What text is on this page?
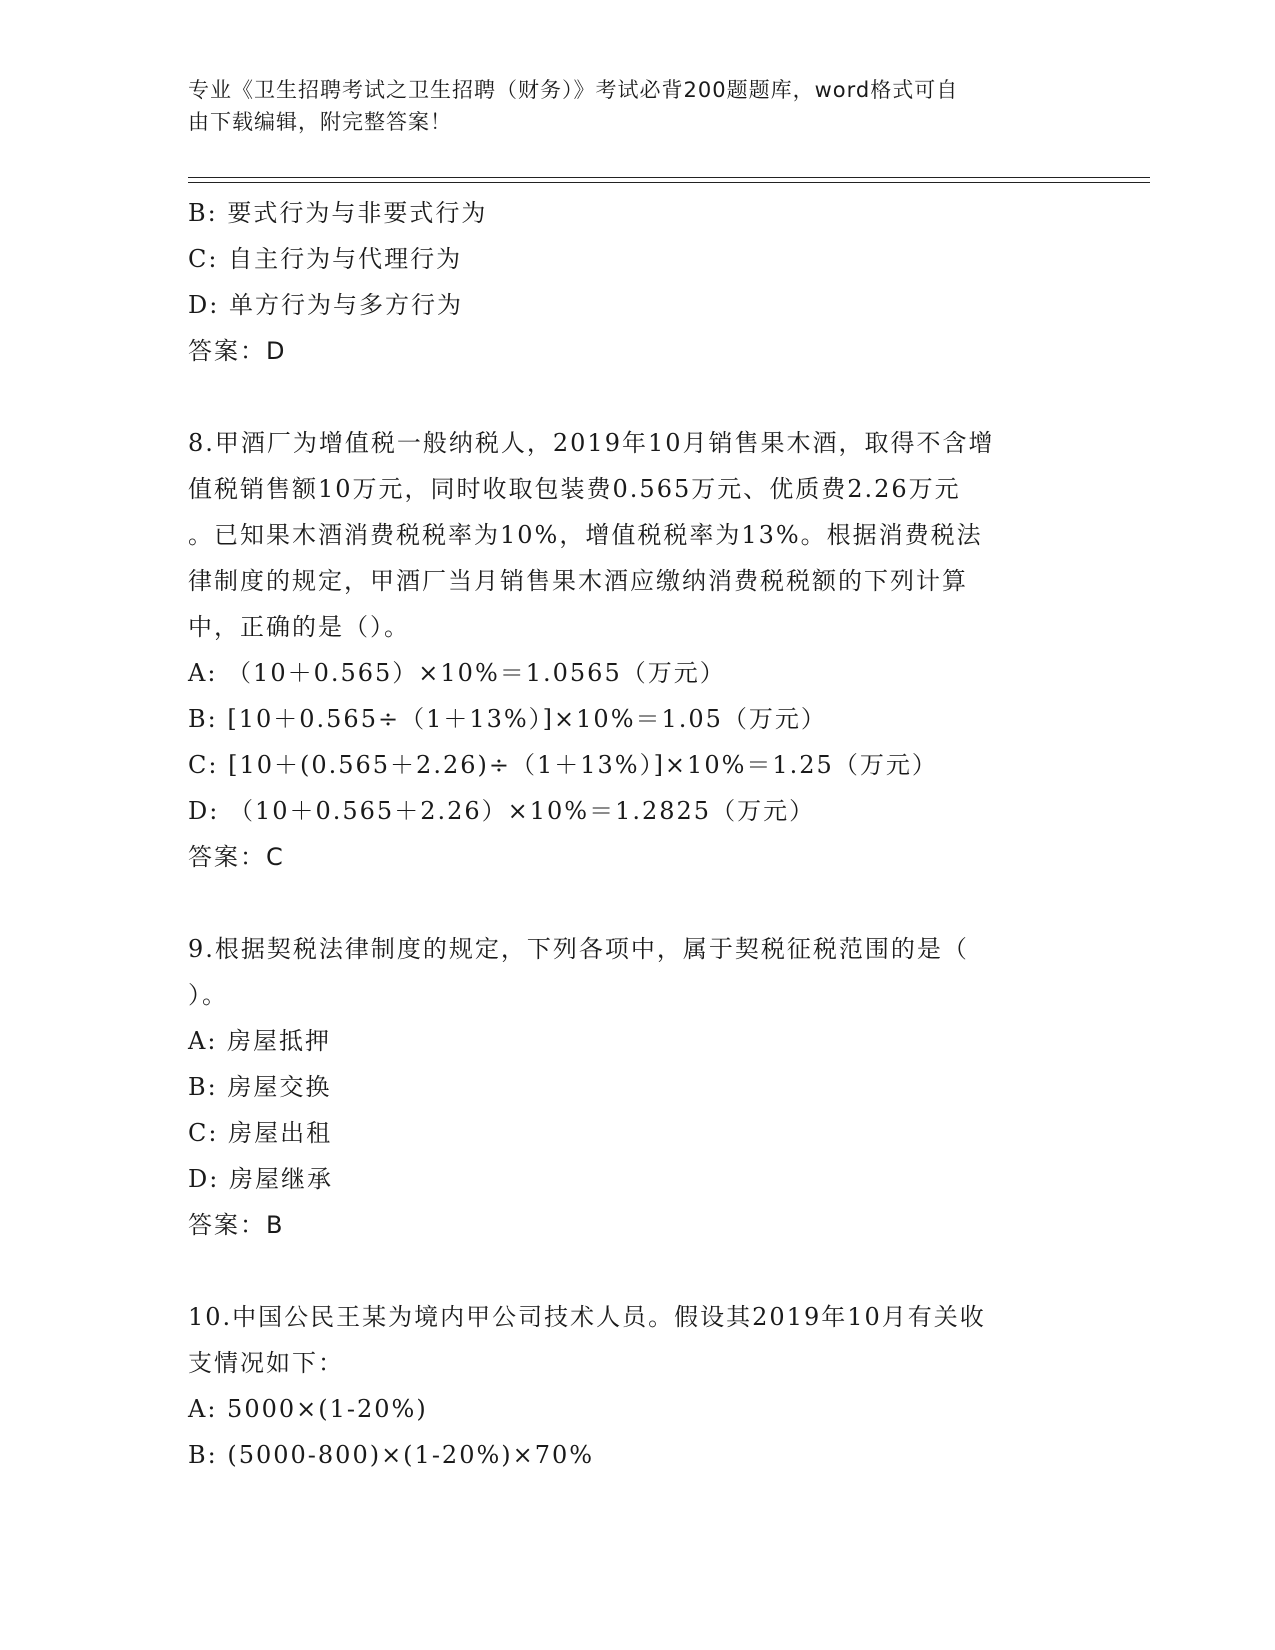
专业《卫生招聘考试之卫生招聘（财务）》考试必背200题题库，word格式可自
由下载编辑，附完整答案！
B: 要式行为与非要式行为
C: 自主行为与代理行为
D: 单方行为与多方行为
答案：D
8.甲酒厂为增值税一般纳税人，2019年10月销售果木酒，取得不含增
值税销售额10万元，同时收取包装费0.565万元、优质费2.26万元
。已知果木酒消费税税率为10%，增值税税率为13%。根据消费税法
律制度的规定，甲酒厂当月销售果木酒应缴纳消费税税额的下列计算
中，正确的是（）。
A: （10＋0.565）×10%＝1.0565（万元）
B: [10＋0.565÷（1＋13%）]×10%＝1.05（万元）
C: [10＋(0.565＋2.26)÷（1＋13%）]×10%＝1.25（万元）
D: （10＋0.565＋2.26）×10%＝1.2825（万元）
答案：C
9.根据契税法律制度的规定，下列各项中，属于契税征税范围的是（
）。
A: 房屋抵押
B: 房屋交换
C: 房屋出租
D: 房屋继承
答案：B
10.中国公民王某为境内甲公司技术人员。假设其2019年10月有关收
支情况如下：
A: 5000×(1-20%)
B: (5000-800)×(1-20%)×70%
